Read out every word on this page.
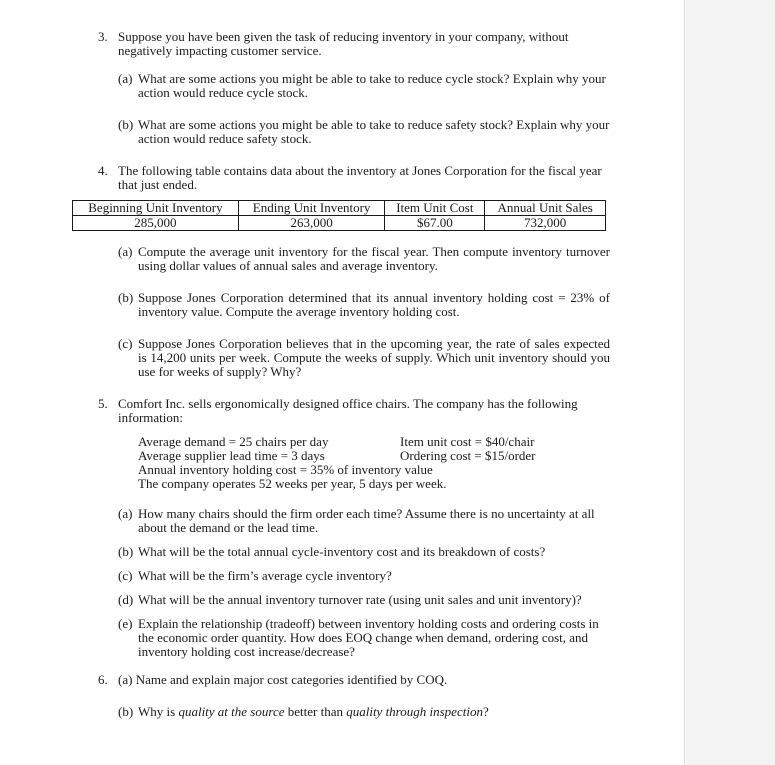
3. Suppose you have been given the task of reducing inventory in your company, without negatively impacting customer service.
(a) What are some actions you might be able to take to reduce cycle stock? Explain why your action would reduce cycle stock.
(b) What are some actions you might be able to take to reduce safety stock? Explain why your action would reduce safety stock.
4. The following table contains data about the inventory at Jones Corporation for the fiscal year that just ended.
Beginning Unit Inventory	Ending Unit Inventory	Item Unit Cost	Annual Unit Sales
285,000	263,000	$67.00	732,000
(a) Compute the average unit inventory for the fiscal year. Then compute inventory turnover using dollar values of annual sales and average inventory.
(b) Suppose Jones Corporation determined that its annual inventory holding cost = 23% of inventory value. Compute the average inventory holding cost.
(c) Suppose Jones Corporation believes that in the upcoming year, the rate of sales expected is 14,200 units per week. Compute the weeks of supply. Which unit inventory should you use for weeks of supply? Why?
5. Comfort Inc. sells ergonomically designed office chairs. The company has the following information:
Average demand = 25 chairs per day	Item unit cost = $40/chair
Average supplier lead time = 3 days	Ordering cost = $15/order
Annual inventory holding cost = 35% of inventory value
The company operates 52 weeks per year, 5 days per week.
(a) How many chairs should the firm order each time? Assume there is no uncertainty at all about the demand or the lead time.
(b) What will be the total annual cycle-inventory cost and its breakdown of costs?
(c) What will be the firm’s average cycle inventory?
(d) What will be the annual inventory turnover rate (using unit sales and unit inventory)?
(e) Explain the relationship (tradeoff) between inventory holding costs and ordering costs in the economic order quantity. How does EOQ change when demand, ordering cost, and inventory holding cost increase/decrease?
6. (a) Name and explain major cost categories identified by COQ.
(b) Why is quality at the source better than quality through inspection?
